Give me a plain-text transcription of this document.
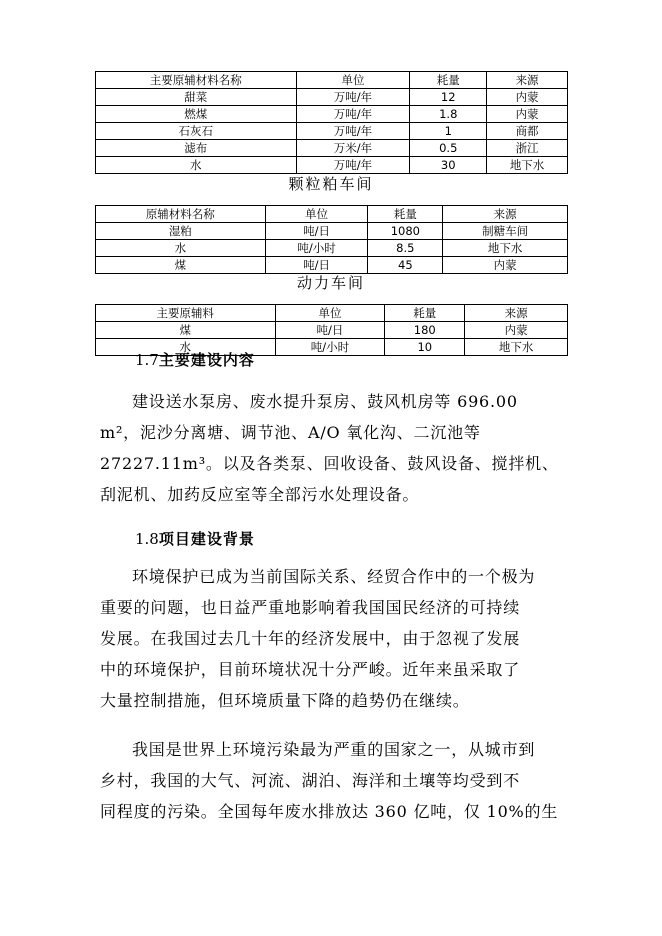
主要原辅材料名称	单位	耗量	来源
甜菜	万吨/年	12	内蒙
燃煤	万吨/年	1.8	内蒙
石灰石	万吨/年	1	商都
滤布	万米/年	0.5	浙江
水	万吨/年	30	地下水
颗粒粕车间
原辅材料名称	单位	耗量	来源
湿粕	吨/日	1080	制糖车间
水	吨/小时	8.5	地下水
煤	吨/日	45	内蒙
动力车间
主要原辅料	单位	耗量	来源
煤	吨/日	180	内蒙
水	吨/小时	10	地下水
1.7主要建设内容
建设送水泵房、废水提升泵房、鼓风机房等 696.00
m²，泥沙分离塘、调节池、A/O 氧化沟、二沉池等
27227.11m³。以及各类泵、回收设备、鼓风设备、搅拌机、
刮泥机、加药反应室等全部污水处理设备。
1.8项目建设背景
环境保护已成为当前国际关系、经贸合作中的一个极为
重要的问题，也日益严重地影响着我国国民经济的可持续
发展。在我国过去几十年的经济发展中，由于忽视了发展
中的环境保护，目前环境状况十分严峻。近年来虽采取了
大量控制措施，但环境质量下降的趋势仍在继续。
我国是世界上环境污染最为严重的国家之一，从城市到
乡村，我国的大气、河流、湖泊、海洋和土壤等均受到不
同程度的污染。全国每年废水排放达 360 亿吨，仅 10%的生
